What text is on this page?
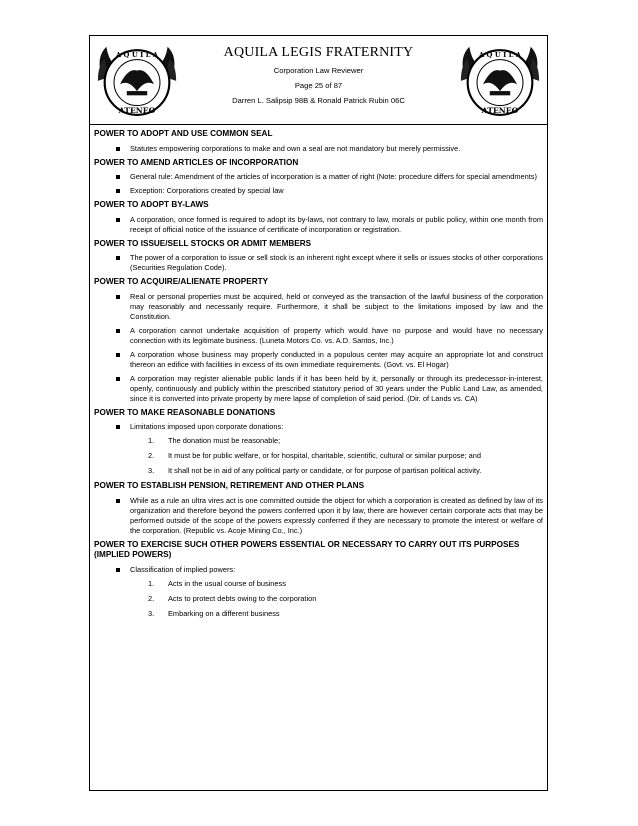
A Q U I L A
ATENEO
AQUILA LEGIS FRATERNITY
Corporation Law Reviewer
Page 25 of 87
Darren L. Salipsip 98B & Ronald Patrick Rubin 06C
A Q U I L A
ATENEO
POWER TO ADOPT AND USE COMMON SEAL
Statutes empowering corporations to make and own a seal are not mandatory but merely permissive.
POWER TO AMEND ARTICLES OF INCORPORATION
General rule: Amendment of the articles of incorporation is a matter of right (Note: procedure differs for special amendments)
Exception: Corporations created by special law
POWER TO ADOPT BY-LAWS
A corporation, once formed is required to adopt its by-laws, not contrary to law, morals or public policy, within one month from receipt of official notice of the issuance of certificate of incorporation or registration.
POWER TO ISSUE/SELL STOCKS OR ADMIT MEMBERS
The power of a corporation to issue or sell stock is an inherent right except where it sells or issues stocks of other corporations (Securities Regulation Code).
POWER TO ACQUIRE/ALIENATE PROPERTY
Real or personal properties must be acquired, held or conveyed as the transaction of the lawful business of the corporation may reasonably and necessarily require. Furthermore, it shall be subject to the limitations imposed by law and the Constitution.
A corporation cannot undertake acquisition of property which would have no purpose and would have no necessary connection with its legitimate business. (Luneta Motors Co. vs. A.D. Santos, Inc.)
A corporation whose business may properly conducted in a populous center may acquire an appropriate lot and construct thereon an edifice with facilities in excess of its own immediate requirements. (Govt. vs. El Hogar)
A corporation may register alienable public lands if it has been held by it, personally or through its predecessor-in-interest, openly, continuously and publicly within the prescribed statutory period of 30 years under the Public Land Law, as amended, since it is converted into private property by mere lapse of completion of said period. (Dir. of Lands vs. CA)
POWER TO MAKE REASONABLE DONATIONS
Limitations imposed upon corporate donations:
1. The donation must be reasonable;
2. It must be for public welfare, or for hospital, charitable, scientific, cultural or similar purpose; and
3. It shall not be in aid of any political party or candidate, or for purpose of partisan political activity.
POWER TO ESTABLISH PENSION, RETIREMENT AND OTHER PLANS
While as a rule an ultra vires act is one committed outside the object for which a corporation is created as defined by law of its organization and therefore beyond the powers conferred upon it by law, there are however certain corporate acts that may be performed outside of the scope of the powers expressly conferred if they are necessary to promote the interest or welfare of the corporation. (Republic vs. Acoje Mining Co., Inc.)
POWER TO EXERCISE SUCH OTHER POWERS ESSENTIAL OR NECESSARY TO CARRY OUT ITS PURPOSES (IMPLIED POWERS)
Classification of implied powers:
1. Acts in the usual course of business
2. Acts to protect debts owing to the corporation
3. Embarking on a different business
